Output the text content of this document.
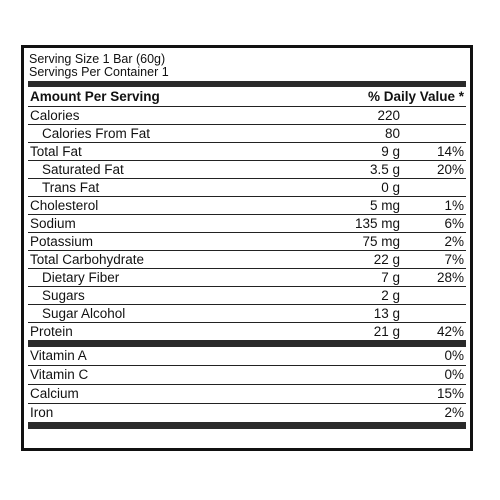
Serving Size 1 Bar (60g)
Servings Per Container 1
Amount Per Serving	% Daily Value *
Calories	220
Calories From Fat	80
Total Fat	9 g	14%
Saturated Fat	3.5 g	20%
Trans Fat	0 g
Cholesterol	5 mg	1%
Sodium	135 mg	6%
Potassium	75 mg	2%
Total Carbohydrate	22 g	7%
Dietary Fiber	7 g	28%
Sugars	2 g
Sugar Alcohol	13 g
Protein	21 g	42%
Vitamin A	0%
Vitamin C	0%
Calcium	15%
Iron	2%
